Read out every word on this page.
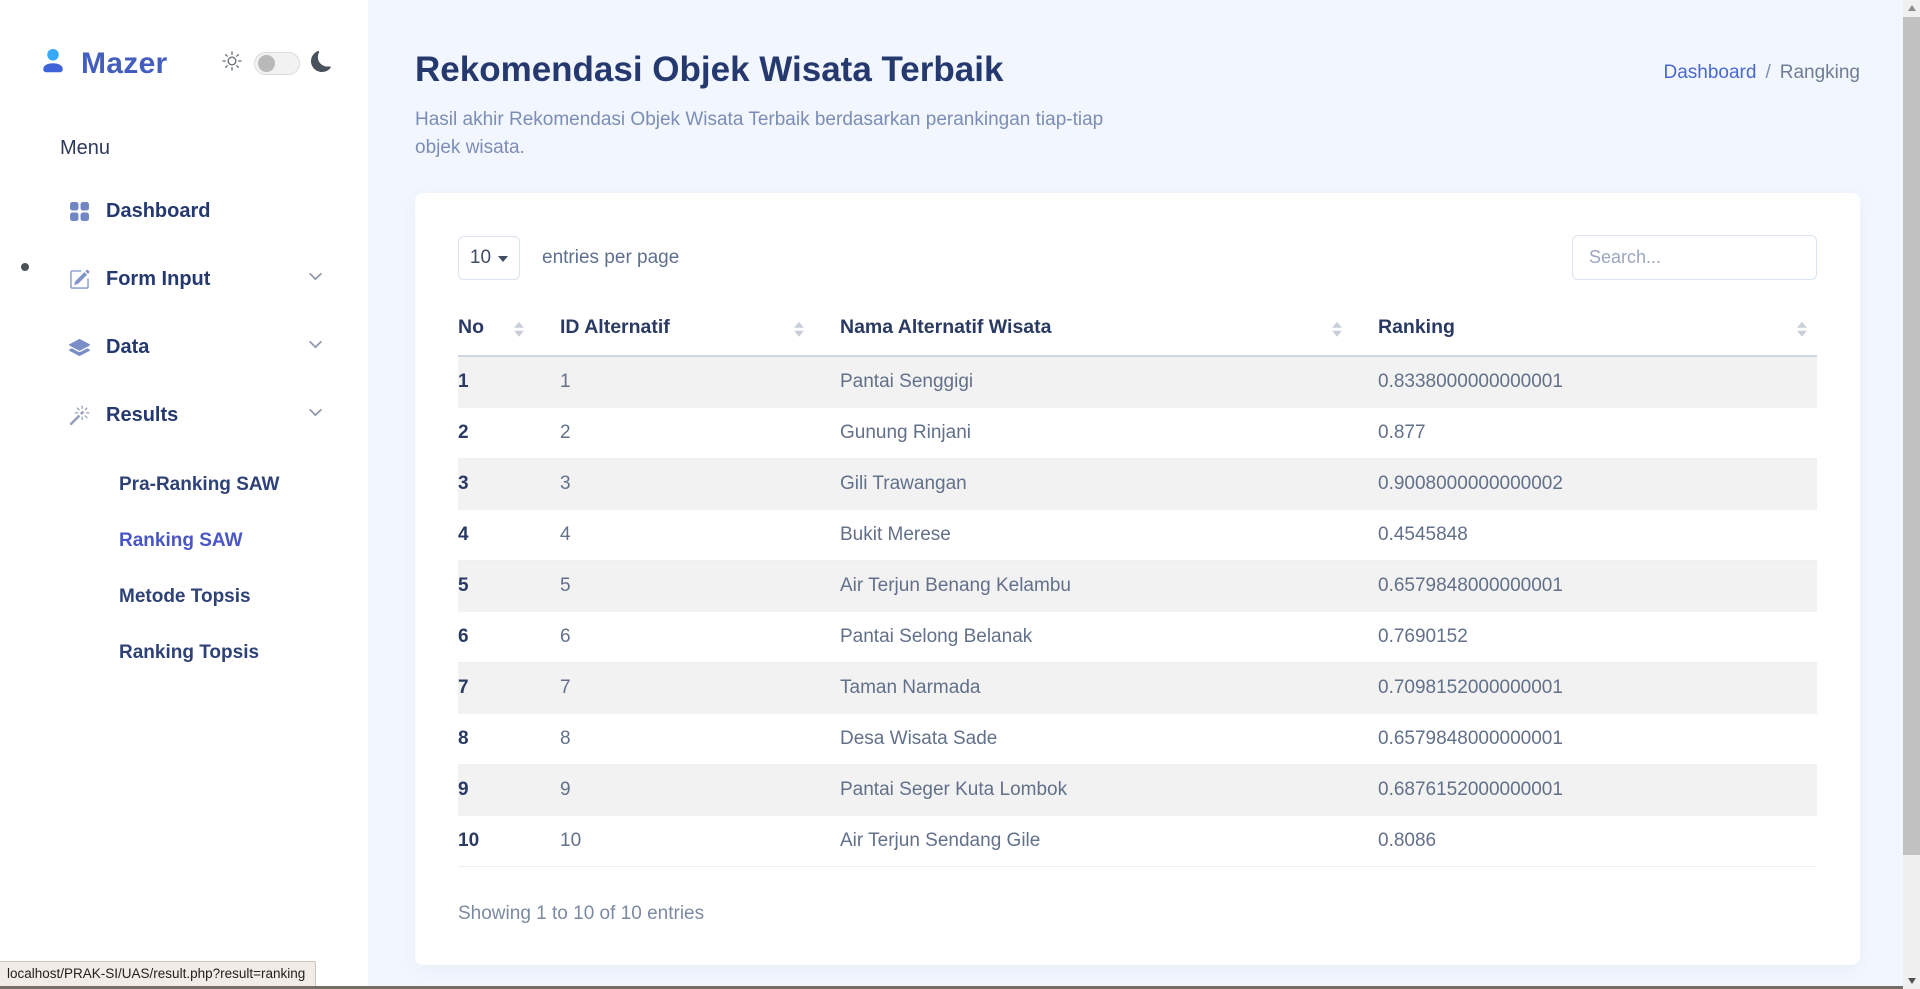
Mazer
Menu
Dashboard
Form Input
Data
Results
Pra-Ranking SAW
Ranking SAW
Metode Topsis
Ranking Topsis
Rekomendasi Objek Wisata Terbaik
Hasil akhir Rekomendasi Objek Wisata Terbaik berdasarkan perankingan tiap-tiap objek wisata.
Dashboard / Rangking
10	entries per page
Search...
No	ID Alternatif	Nama Alternatif Wisata	Ranking

1	1	Pantai Senggigi	0.8338000000000001
2	2	Gunung Rinjani	0.877
3	3	Gili Trawangan	0.9008000000000002
4	4	Bukit Merese	0.4545848
5	5	Air Terjun Benang Kelambu	0.6579848000000001
6	6	Pantai Selong Belanak	0.7690152
7	7	Taman Narmada	0.7098152000000001
8	8	Desa Wisata Sade	0.6579848000000001
9	9	Pantai Seger Kuta Lombok	0.6876152000000001
10	10	Air Terjun Sendang Gile	0.8086
Showing 1 to 10 of 10 entries
localhost/PRAK-SI/UAS/result.php?result=ranking
